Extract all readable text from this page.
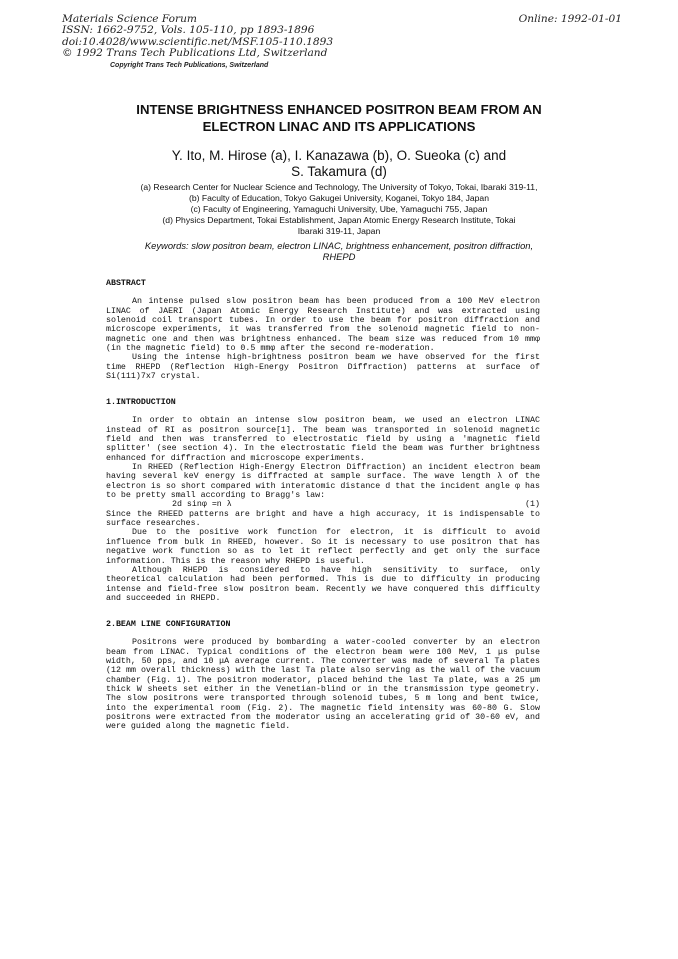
Materials Science Forum
ISSN: 1662-9752, Vols. 105-110, pp 1893-1896
doi:10.4028/www.scientific.net/MSF.105-110.1893
© 1992 Trans Tech Publications Ltd, Switzerland
Copyright Trans Tech Publications, Switzerland
Online: 1992-01-01
INTENSE BRIGHTNESS ENHANCED POSITRON BEAM FROM AN
ELECTRON LINAC AND ITS APPLICATIONS
Y. Ito, M. Hirose (a), I. Kanazawa (b), O. Sueoka (c) and
S. Takamura (d)
(a) Research Center for Nuclear Science and Technology, The University of Tokyo, Tokai, Ibaraki 319-11,
(b) Faculty of Education, Tokyo Gakugei University, Koganei, Tokyo 184, Japan
(c) Faculty of Engineering, Yamaguchi University, Ube, Yamaguchi 755, Japan
(d) Physics Department, Tokai Establishment, Japan Atomic Energy Research Institute, Tokai
Ibaraki 319-11, Japan
Keywords: slow positron beam, electron LINAC, brightness enhancement, positron diffraction,
RHEPD
ABSTRACT

An intense pulsed slow positron beam has been produced from a 100 MeV electron LINAC of JAERI (Japan Atomic Energy Research Institute) and was extracted using solenoid coil transport tubes. In order to use the beam for positron diffraction and microscope experiments, it was transferred from the solenoid magnetic field to non-magnetic one and then was brightness enhanced. The beam size was reduced from 10 mmφ (in the magnetic field) to 0.5 mmφ after the second re-moderation.

Using the intense high-brightness positron beam we have observed for the first time RHEPD (Reflection High-Energy Positron Diffraction) patterns at surface of Si(111)7x7 crystal.

1.INTRODUCTION

In order to obtain an intense slow positron beam, we used an electron LINAC instead of RI as positron source[1]. The beam was transported in solenoid magnetic field and then was transferred to electrostatic field by using a 'magnetic field splitter' (see section 4). In the electrostatic field the beam was further brightness enhanced for diffraction and microscope experiments.

In RHEED (Reflection High-Energy Electron Diffraction) an incident electron beam having several keV energy is diffracted at sample surface. The wave length λ of the electron is so short compared with interatomic distance d that the incident angle φ has to be pretty small according to Bragg's law:

2d sinφ =n λ	(1)

Since the RHEED patterns are bright and have a high accuracy, it is indispensable to surface researches.

Due to the positive work function for electron, it is difficult to avoid influence from bulk in RHEED, however. So it is necessary to use positron that has negative work function so as to let it reflect perfectly and get only the surface information. This is the reason why RHEPD is useful.

Although RHEPD is considered to have high sensitivity to surface, only theoretical calculation had been performed. This is due to difficulty in producing intense and field-free slow positron beam. Recently we have conquered this difficulty and succeeded in RHEPD.

2.BEAM LINE CONFIGURATION

Positrons were produced by bombarding a water-cooled converter by an electron beam from LINAC. Typical conditions of the electron beam were 100 MeV, 1 μs pulse width, 50 pps, and 10 μA average current. The converter was made of several Ta plates (12 mm overall thickness) with the last Ta plate also serving as the wall of the vacuum chamber (Fig. 1). The positron moderator, placed behind the last Ta plate, was a 25 μm thick W sheets set either in the Venetian-blind or in the transmission type geometry. The slow positrons were transported through solenoid tubes, 5 m long and bent twice, into the experimental room (Fig. 2). The magnetic field intensity was 60-80 G. Slow positrons were extracted from the moderator using an accelerating grid of 30-60 eV, and were guided along the magnetic field.
